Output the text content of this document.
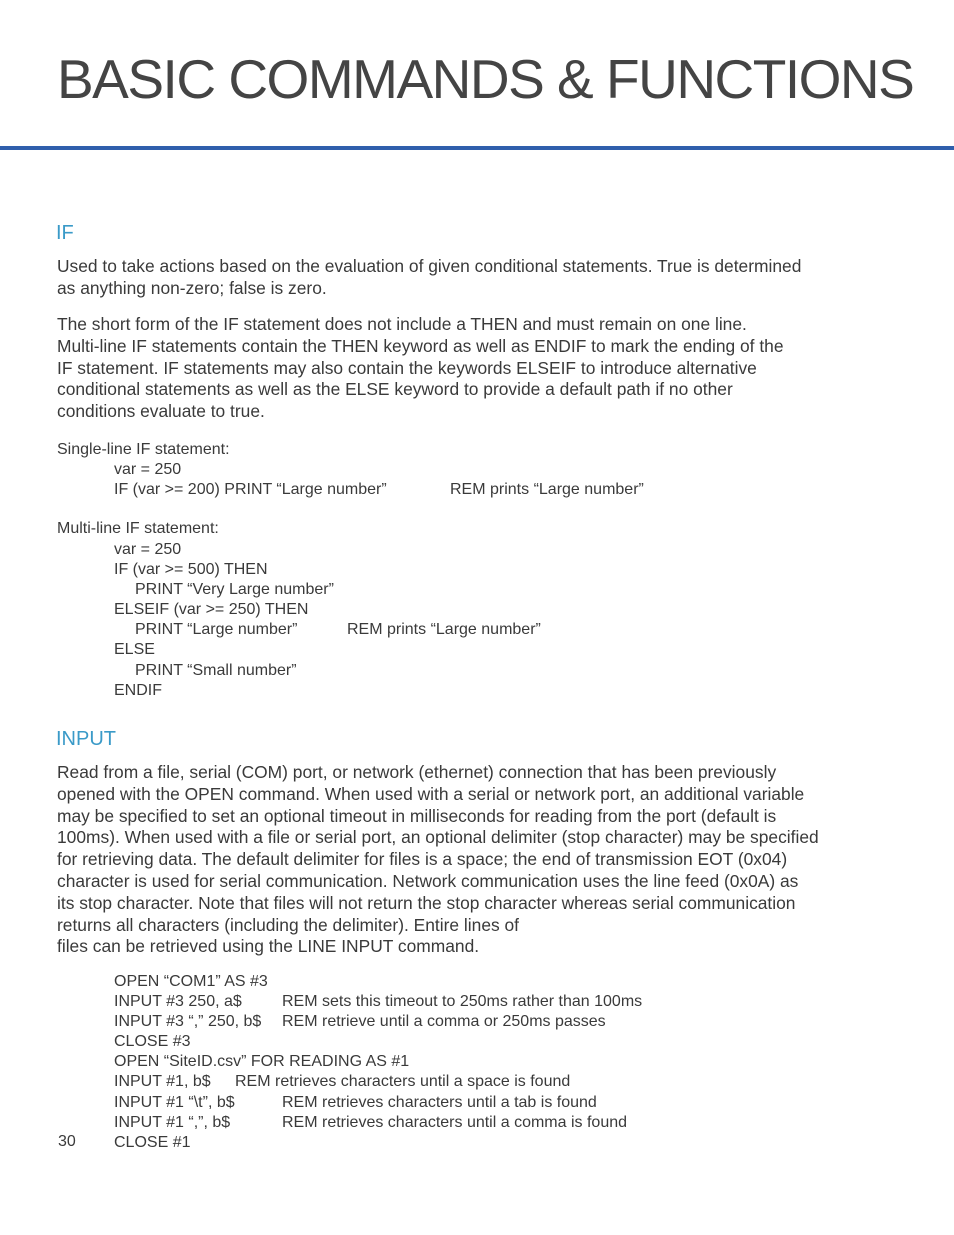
BASIC COMMANDS & FUNCTIONS
IF
Used to take actions based on the evaluation of given conditional statements. True is determined
as anything non-zero; false is zero.
The short form of the IF statement does not include a THEN and must remain on one line.
Multi-line IF statements contain the THEN keyword as well as ENDIF to mark the ending of the
IF statement. IF statements may also contain the keywords ELSEIF to introduce alternative
conditional statements as well as the ELSE keyword to provide a default path if no other
conditions evaluate to true.
Single-line IF statement:
var = 250
IF (var >= 200) PRINT “Large number”	REM prints “Large number”
Multi-line IF statement:
var = 250
IF (var >= 500) THEN
PRINT “Very Large number”
ELSEIF (var >= 250) THEN
PRINT “Large number”	REM prints “Large number”
ELSE
PRINT “Small number”
ENDIF
INPUT
Read from a file, serial (COM) port, or network (ethernet) connection that has been previously
opened with the OPEN command. When used with a serial or network port, an additional variable
may be specified to set an optional timeout in milliseconds for reading from the port (default is
100ms). When used with a file or serial port, an optional delimiter (stop character) may be specified
for retrieving data. The default delimiter for files is a space; the end of transmission EOT (0x04)
character is used for serial communication. Network communication uses the line feed (0x0A) as
its stop character. Note that files will not return the stop character whereas serial communication
returns all characters (including the delimiter). Entire lines of
files can be retrieved using the LINE INPUT command.
OPEN “COM1” AS #3
INPUT #3 250, a$	REM sets this timeout to 250ms rather than 100ms
INPUT #3 “,” 250, b$ REM retrieve until a comma or 250ms passes
CLOSE #3
OPEN “SiteID.csv” FOR READING AS #1
INPUT #1, b$ REM retrieves characters until a space is found
INPUT #1 “\t”, b$	REM retrieves characters until a tab is found
INPUT #1 “,”, b$	REM retrieves characters until a comma is found
CLOSE #1
30
